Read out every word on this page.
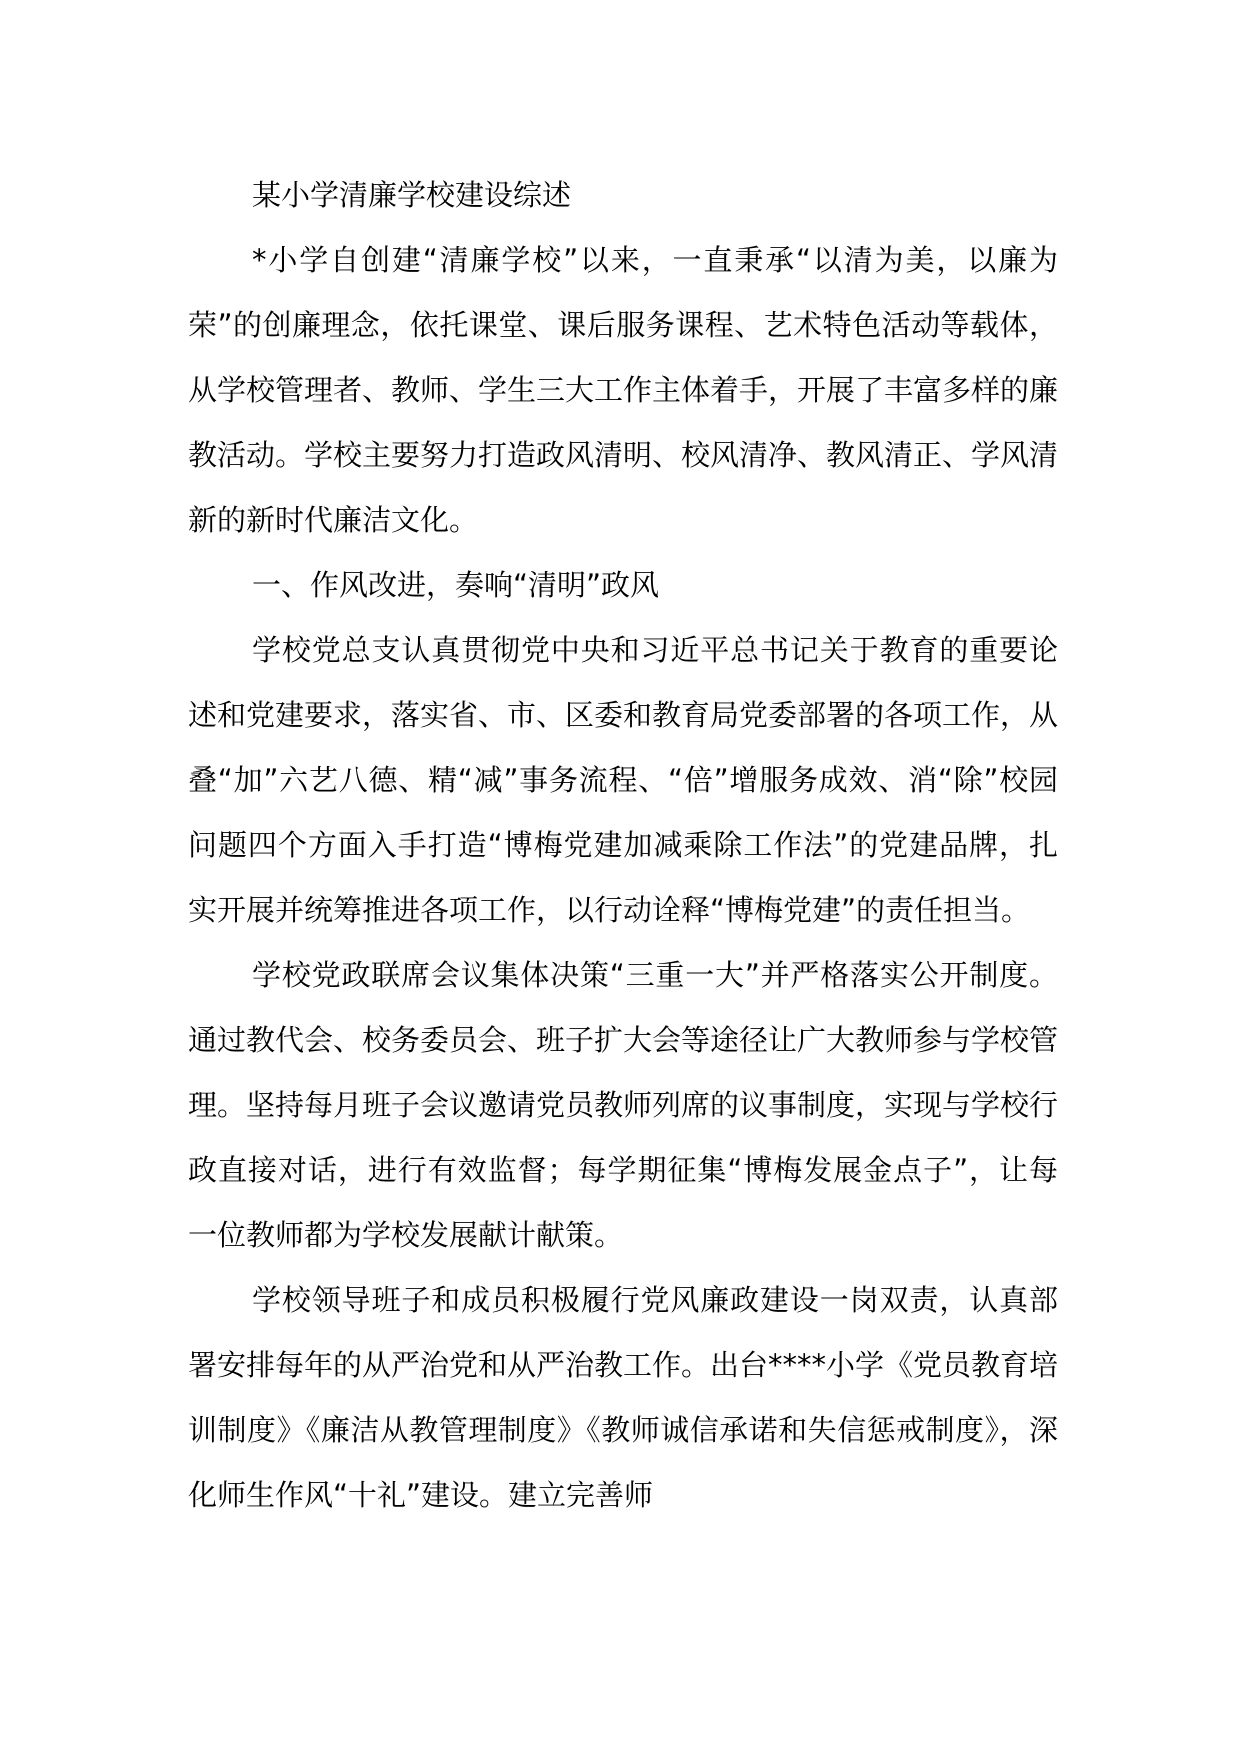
某小学清廉学校建设综述

*小学自创建“清廉学校”以来，一直秉承“以清为美，以廉为荣”的创廉理念，依托课堂、课后服务课程、艺术特色活动等载体，从学校管理者、教师、学生三大工作主体着手，开展了丰富多样的廉教活动。学校主要努力打造政风清明、校风清净、教风清正、学风清新的新时代廉洁文化。

一、作风改进，奏响“清明”政风

学校党总支认真贯彻党中央和习近平总书记关于教育的重要论述和党建要求，落实省、市、区委和教育局党委部署的各项工作，从叠“加”六艺八德、精“减”事务流程、“倍”增服务成效、消“除”校园问题四个方面入手打造“博梅党建加减乘除工作法”的党建品牌，扎实开展并统筹推进各项工作，以行动诠释“博梅党建”的责任担当。

学校党政联席会议集体决策“三重一大”并严格落实公开制度。通过教代会、校务委员会、班子扩大会等途径让广大教师参与学校管理。坚持每月班子会议邀请党员教师列席的议事制度，实现与学校行政直接对话，进行有效监督；每学期征集“博梅发展金点子”，让每一位教师都为学校发展献计献策。

学校领导班子和成员积极履行党风廉政建设一岗双责，认真部署安排每年的从严治党和从严治教工作。出台****小学《党员教育培训制度》《廉洁从教管理制度》《教师诚信承诺和失信惩戒制度》，深化师生作风“十礼”建设。建立完善师
